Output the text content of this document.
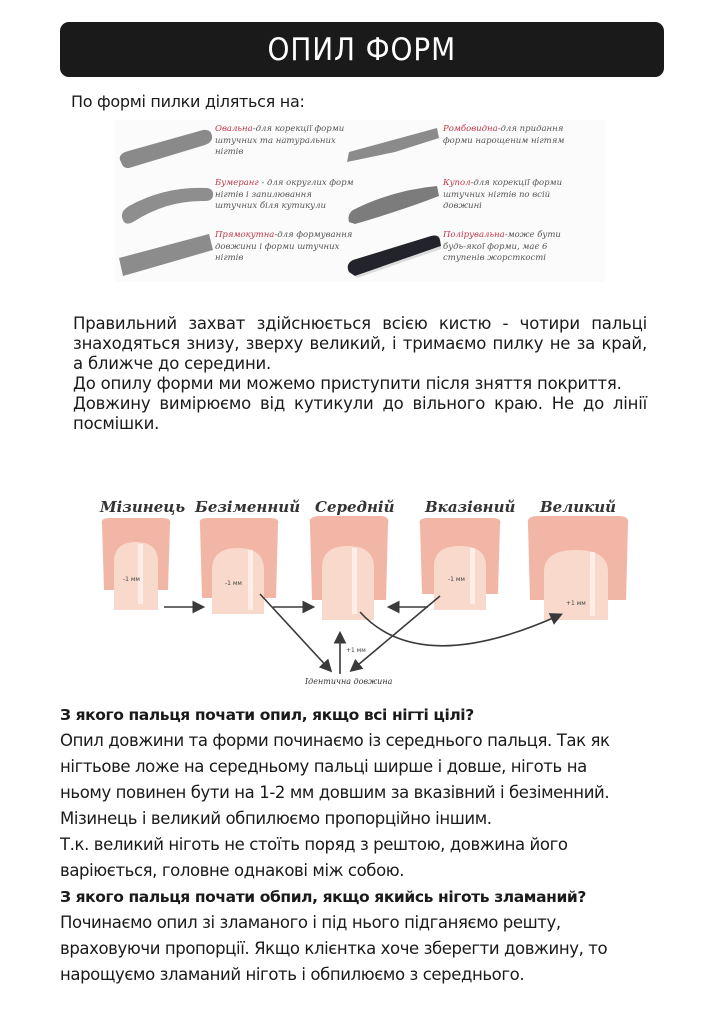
ОПИЛ ФОРМ
По формі пилки діляться на:
Овальна-для корекції форми штучних та натуральних нігтів
Бумеранг - для округлих форм нігтів і запилювання штучних біля кутикули
Прямокутна-для формування довжини і форми штучних нігтів
Ромбовидна-для придання форми нарощеним нігтям
Купол-для корекції форми штучних нігтів по всій довжині
Полірувальна-може бути будь-якої форми, має 6 ступенів жорсткості

Правильний захват здійснюється всією кистю - чотири пальці знаходяться знизу, зверху великий, і тримаємо пилку не за край, а ближче до середини.

До опилу форми ми можемо приступити після зняття покриття.

Довжину вимірюємо від кутикули до вільного краю. Не до лінії посмішки.

Мізинець Безіменний Середній Вказівний Великий
-1 мм
-1 мм
-1 мм
+1 мм
+1 мм
Ідентична довжина

З якого пальця почати опил, якщо всі нігті цілі?

Опил довжини та форми починаємо із середнього пальця. Так як

нігтьове ложе на середньому пальці ширше і довше, ніготь на

ньому повинен бути на 1-2 мм довшим за вказівний і безіменний.

Мізинець і великий обпилюємо пропорційно іншим.

Т.к. великий ніготь не стоїть поряд з рештою, довжина його

варіюється, головне однакові між собою.

З якого пальця почати обпил, якщо якийсь ніготь зламаний?

Починаємо опил зі зламаного і під нього підганяємо решту,

враховуючи пропорції. Якщо клієнтка хоче зберегти довжину, то

нарощуємо зламаний ніготь і обпилюємо з середнього.
